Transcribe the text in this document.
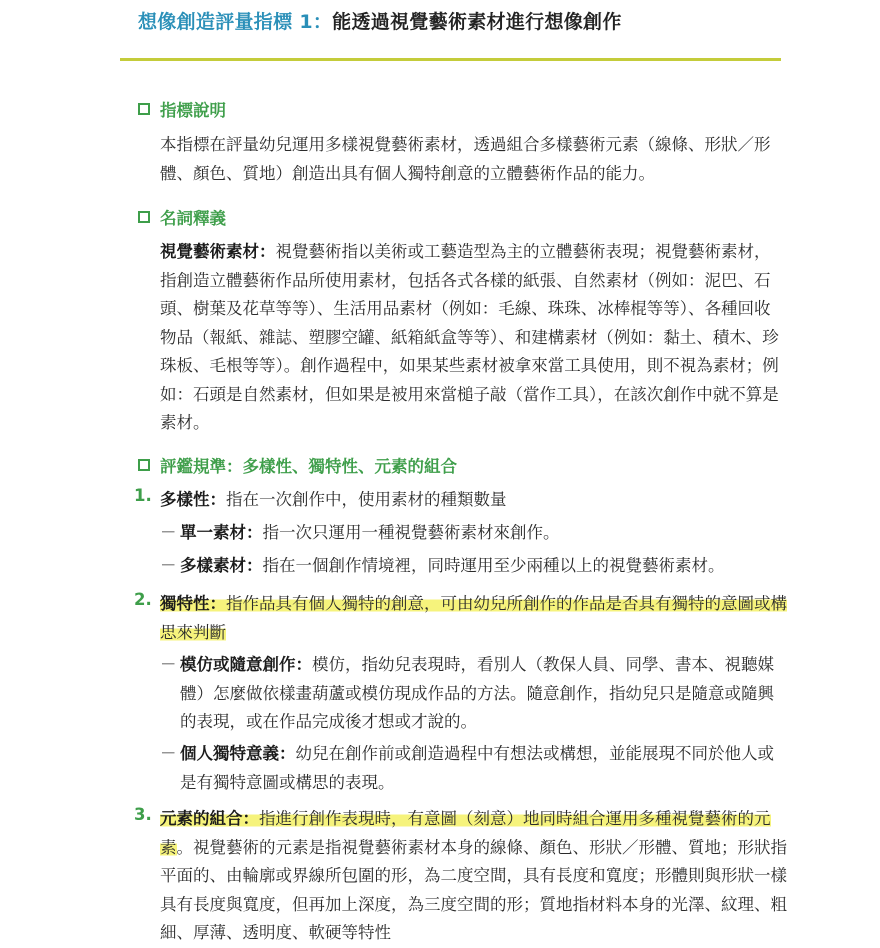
想像創造評量指標 1：能透過視覺藝術素材進行想像創作
指標說明
本指標在評量幼兒運用多樣視覺藝術素材，透過組合多樣藝術元素（線條、形狀／形體、顏色、質地）創造出具有個人獨特創意的立體藝術作品的能力。
名詞釋義
視覺藝術素材：視覺藝術指以美術或工藝造型為主的立體藝術表現；視覺藝術素材，指創造立體藝術作品所使用素材，包括各式各樣的紙張、自然素材（例如：泥巴、石頭、樹葉及花草等等）、生活用品素材（例如：毛線、珠珠、冰棒棍等等）、各種回收物品（報紙、雜誌、塑膠空罐、紙箱紙盒等等）、和建構素材（例如：黏土、積木、珍珠板、毛根等等）。創作過程中，如果某些素材被拿來當工具使用，則不視為素材；例如：石頭是自然素材，但如果是被用來當槌子敲（當作工具），在該次創作中就不算是素材。
評鑑規準：多樣性、獨特性、元素的組合
1. 多樣性：指在一次創作中，使用素材的種類數量
－ 單一素材：指一次只運用一種視覺藝術素材來創作。
－ 多樣素材：指在一個創作情境裡，同時運用至少兩種以上的視覺藝術素材。
2. 獨特性：指作品具有個人獨特的創意，可由幼兒所創作的作品是否具有獨特的意圖或構思來判斷
－ 模仿或隨意創作：模仿，指幼兒表現時，看別人（教保人員、同學、書本、視聽媒體）怎麼做依樣畫葫蘆或模仿現成作品的方法。隨意創作，指幼兒只是隨意或隨興的表現，或在作品完成後才想或才說的。
－ 個人獨特意義：幼兒在創作前或創造過程中有想法或構想，並能展現不同於他人或是有獨特意圖或構思的表現。
3. 元素的組合：指進行創作表現時，有意圖（刻意）地同時組合運用多種視覺藝術的元素。視覺藝術的元素是指視覺藝術素材本身的線條、顏色、形狀／形體、質地；形狀指平面的、由輪廓或界線所包圍的形，為二度空間，具有長度和寬度；形體則與形狀一樣具有長度與寬度，但再加上深度，為三度空間的形；質地指材料本身的光澤、紋理、粗細、厚薄、透明度、軟硬等特性
